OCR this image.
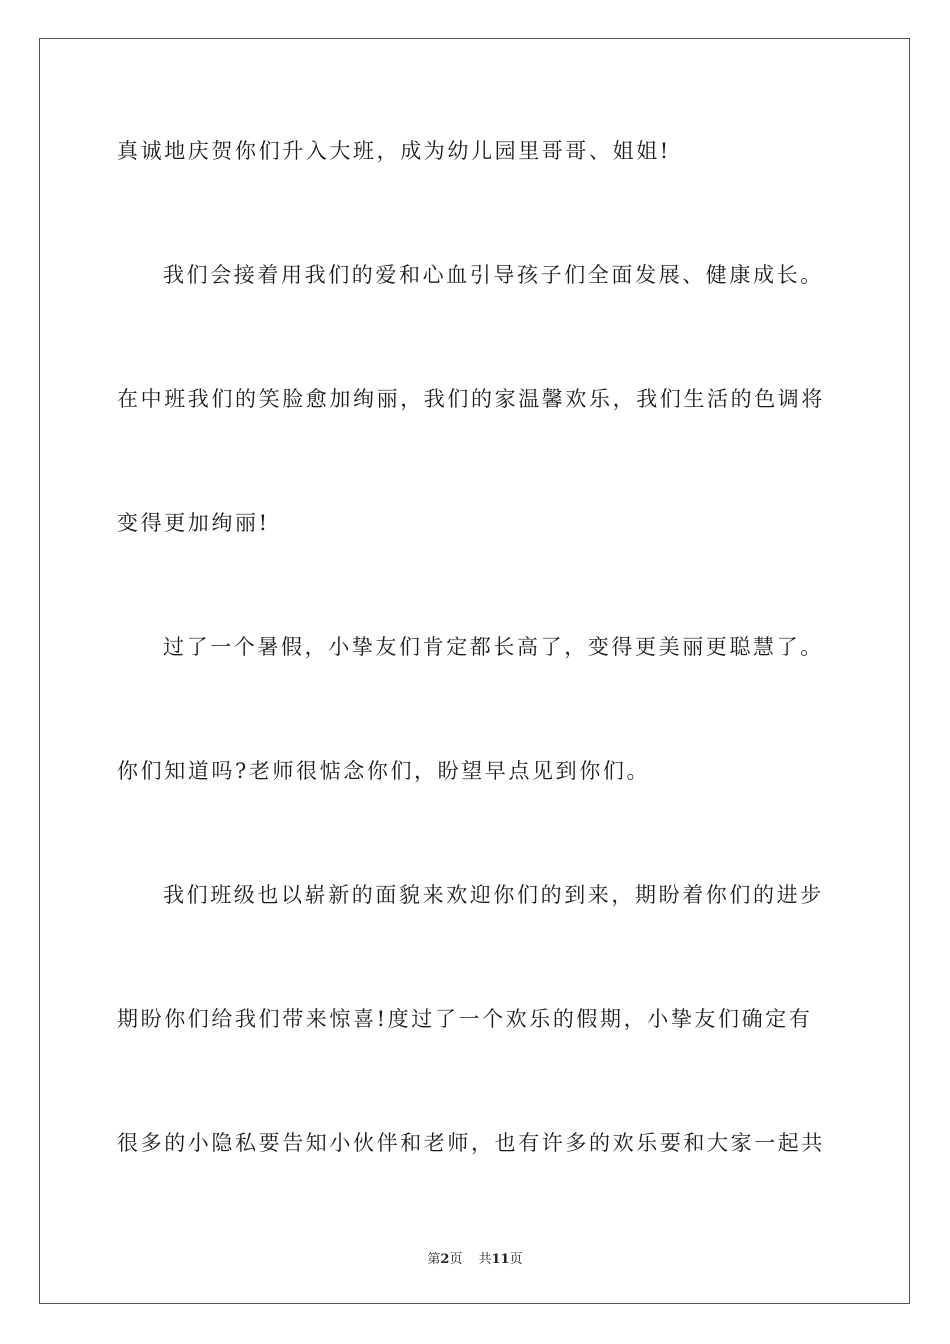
真诚地庆贺你们升入大班，成为幼儿园里哥哥、姐姐!
我们会接着用我们的爱和心血引导孩子们全面发展、健康成长。
在中班我们的笑脸愈加绚丽，我们的家温馨欢乐，我们生活的色调将
变得更加绚丽!
过了一个暑假，小挚友们肯定都长高了，变得更美丽更聪慧了。
你们知道吗?老师很惦念你们，盼望早点见到你们。
我们班级也以崭新的面貌来欢迎你们的到来，期盼着你们的进步
期盼你们给我们带来惊喜!度过了一个欢乐的假期，小挚友们确定有
很多的小隐私要告知小伙伴和老师，也有许多的欢乐要和大家一起共
第2页 共11页
